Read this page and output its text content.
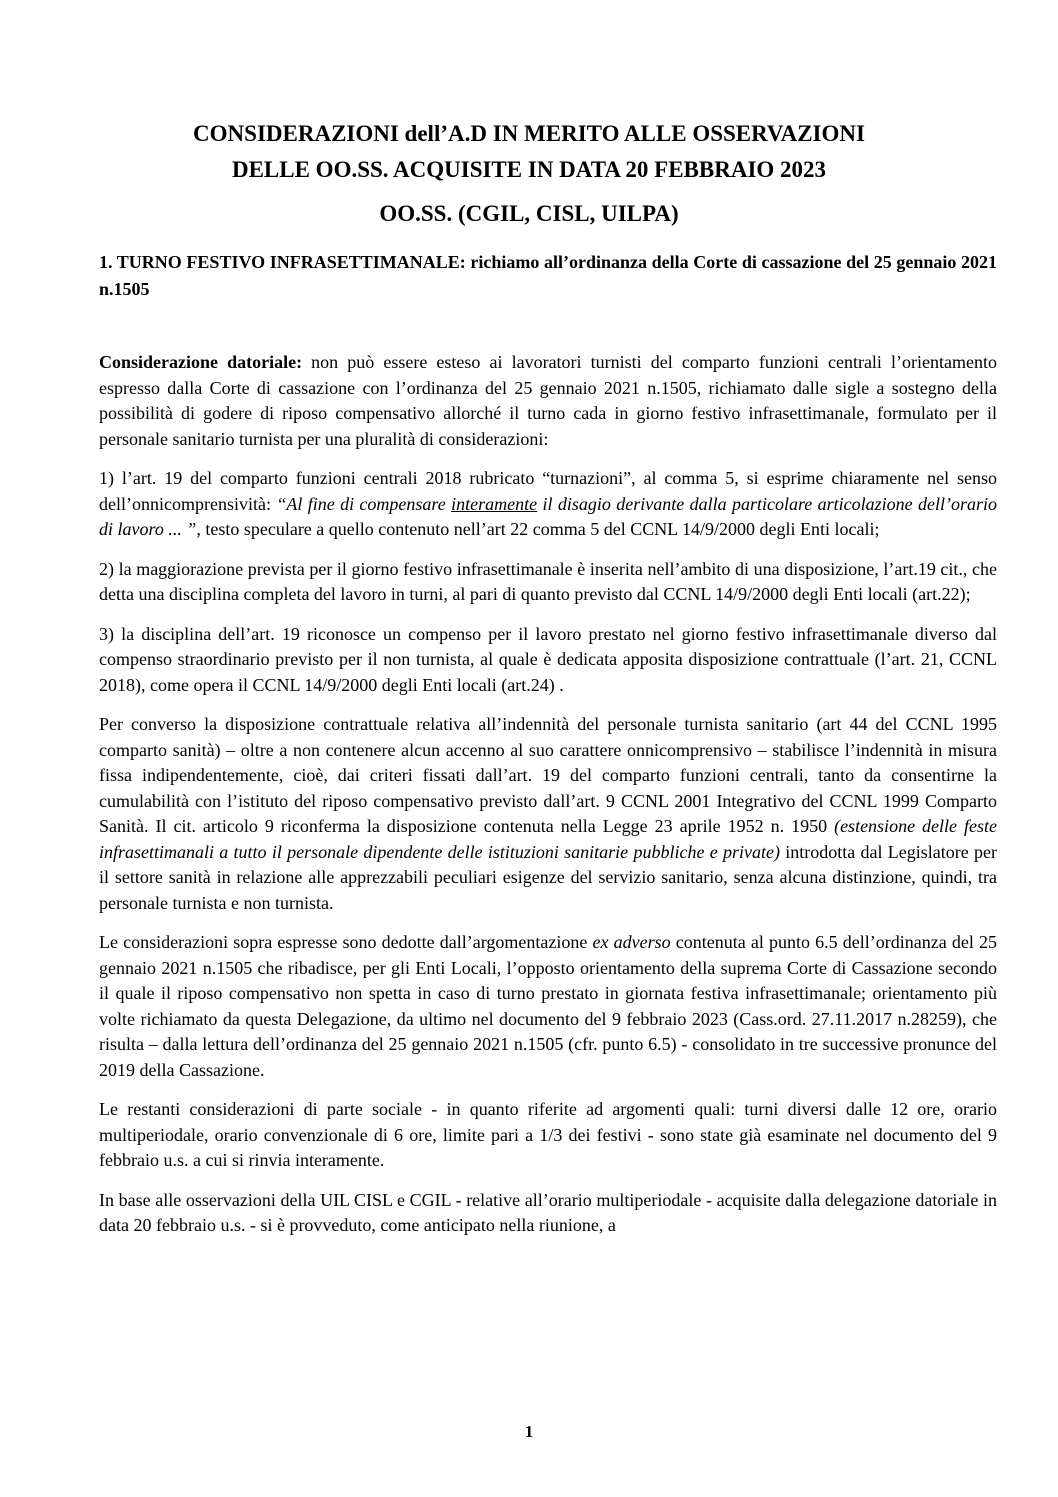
CONSIDERAZIONI dell’A.D IN MERITO ALLE OSSERVAZIONI
DELLE OO.SS. ACQUISITE IN DATA 20 FEBBRAIO 2023
OO.SS. (CGIL, CISL, UILPA)

1. TURNO FESTIVO INFRASETTIMANALE: richiamo all’ordinanza della Corte di cassazione del 25 gennaio 2021 n.1505

Considerazione datoriale: non può essere esteso ai lavoratori turnisti del comparto funzioni centrali l’orientamento espresso dalla Corte di cassazione con l’ordinanza del 25 gennaio 2021 n.1505, richiamato dalle sigle a sostegno della possibilità di godere di riposo compensativo allorché il turno cada in giorno festivo infrasettimanale, formulato per il personale sanitario turnista per una pluralità di considerazioni:

1) l’art. 19 del comparto funzioni centrali 2018 rubricato “turnazioni”, al comma 5, si esprime chiaramente nel senso dell’onnicomprensività: “Al fine di compensare interamente il disagio derivante dalla particolare articolazione dell’orario di lavoro ... ”, testo speculare a quello contenuto nell’art 22 comma 5 del CCNL 14/9/2000 degli Enti locali;

2) la maggiorazione prevista per il giorno festivo infrasettimanale è inserita nell’ambito di una disposizione, l’art.19 cit., che detta una disciplina completa del lavoro in turni, al pari di quanto previsto dal CCNL 14/9/2000 degli Enti locali (art.22);

3) la disciplina dell’art. 19 riconosce un compenso per il lavoro prestato nel giorno festivo infrasettimanale diverso dal compenso straordinario previsto per il non turnista, al quale è dedicata apposita disposizione contrattuale (l’art. 21, CCNL 2018), come opera il CCNL 14/9/2000 degli Enti locali (art.24) .

Per converso la disposizione contrattuale relativa all’indennità del personale turnista sanitario (art 44 del CCNL 1995 comparto sanità) – oltre a non contenere alcun accenno al suo carattere onnicomprensivo – stabilisce l’indennità in misura fissa indipendentemente, cioè, dai criteri fissati dall’art. 19 del comparto funzioni centrali, tanto da consentirne la cumulabilità con l’istituto del riposo compensativo previsto dall’art. 9 CCNL 2001 Integrativo del CCNL 1999 Comparto Sanità. Il cit. articolo 9 riconferma la disposizione contenuta nella Legge 23 aprile 1952 n. 1950 (estensione delle feste infrasettimanali a tutto il personale dipendente delle istituzioni sanitarie pubbliche e private) introdotta dal Legislatore per il settore sanità in relazione alle apprezzabili peculiari esigenze del servizio sanitario, senza alcuna distinzione, quindi, tra personale turnista e non turnista.

Le considerazioni sopra espresse sono dedotte dall’argomentazione ex adverso contenuta al punto 6.5 dell’ordinanza del 25 gennaio 2021 n.1505 che ribadisce, per gli Enti Locali, l’opposto orientamento della suprema Corte di Cassazione secondo il quale il riposo compensativo non spetta in caso di turno prestato in giornata festiva infrasettimanale; orientamento più volte richiamato da questa Delegazione, da ultimo nel documento del 9 febbraio 2023 (Cass.ord. 27.11.2017 n.28259), che risulta – dalla lettura dell’ordinanza del 25 gennaio 2021 n.1505 (cfr. punto 6.5) - consolidato in tre successive pronunce del 2019 della Cassazione.

Le restanti considerazioni di parte sociale - in quanto riferite ad argomenti quali: turni diversi dalle 12 ore, orario multiperiodale, orario convenzionale di 6 ore, limite pari a 1/3 dei festivi - sono state già esaminate nel documento del 9 febbraio u.s. a cui si rinvia interamente.

In base alle osservazioni della UIL CISL e CGIL - relative all’orario multiperiodale - acquisite dalla delegazione datoriale in data 20 febbraio u.s. - si è provveduto, come anticipato nella riunione, a

1
